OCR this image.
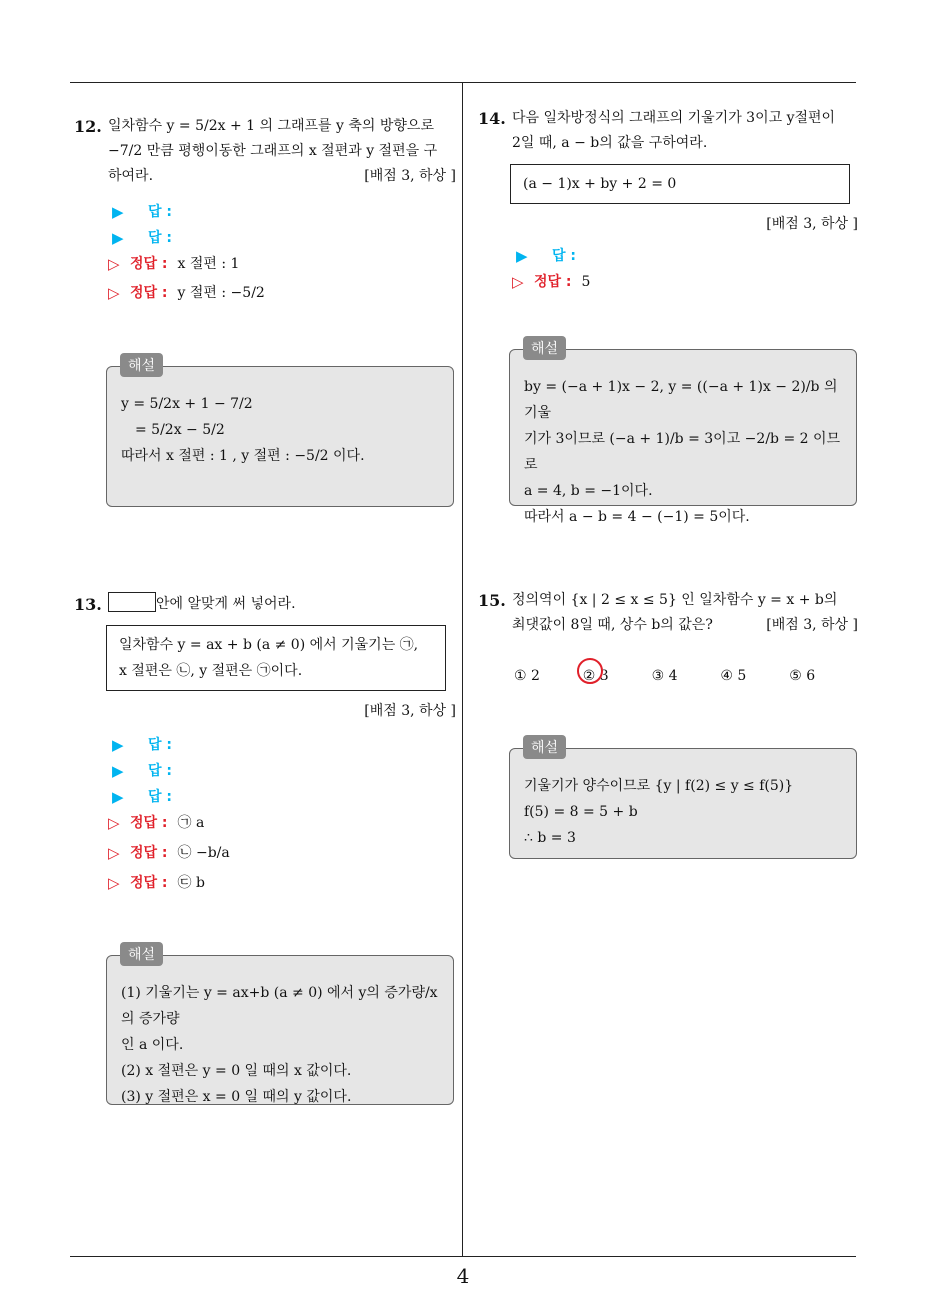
4
12. 일차함수 y = 5/2x + 1 의 그래프를 y 축의 방향으로
−7/2 만큼 평행이동한 그래프의 x 절편과 y 절편을 구
하여라.	[배점 3, 하상 ]
▶	답 :
▶	답 :
▷ 정답 : x 절편 : 1
▷ 정답 : y 절편 : −5/2
해설
y = 5/2x + 1 − 7/2
= 5/2x − 5/2
따라서 x 절편 : 1 , y 절편 : −5/2 이다.
13.	안에 알맞게 써 넣어라.
일차함수 y = ax + b (a ≠ 0) 에서 기울기는 ㉠,
x 절편은 ㉡, y 절편은 ㉠이다.
[배점 3, 하상 ]
▶	답 :
▶	답 :
▶	답 :
▷ 정답 : ㉠ a
▷ 정답 : ㉡ −b/a
▷ 정답 : ㉢ b
해설
(1) 기울기는 y = ax+b (a ≠ 0) 에서 y의 증가량/x의 증가량
인 a 이다.
(2) x 절편은 y = 0 일 때의 x 값이다.
(3) y 절편은 x = 0 일 때의 y 값이다.
14. 다음 일차방정식의 그래프의 기울기가 3이고 y절편이
2일 때, a − b의 값을 구하여라.
(a − 1)x + by + 2 = 0
[배점 3, 하상 ]
▶	답 :
▷ 정답 : 5
해설
by = (−a + 1)x − 2, y = ((−a + 1)x − 2)/b 의 기울
기가 3이므로 (−a + 1)/b = 3이고 −2/b = 2 이므로
a = 4, b = −1이다.
따라서 a − b = 4 − (−1) = 5이다.
15. 정의역이 {x | 2 ≤ x ≤ 5} 인 일차함수 y = x + b의
최댓값이 8일 때, 상수 b의 값은?	[배점 3, 하상 ]
① 2	② 3	③ 4	④ 5	⑤ 6
해설
기울기가 양수이므로 {y | f(2) ≤ y ≤ f(5)}
f(5) = 8 = 5 + b
∴ b = 3
